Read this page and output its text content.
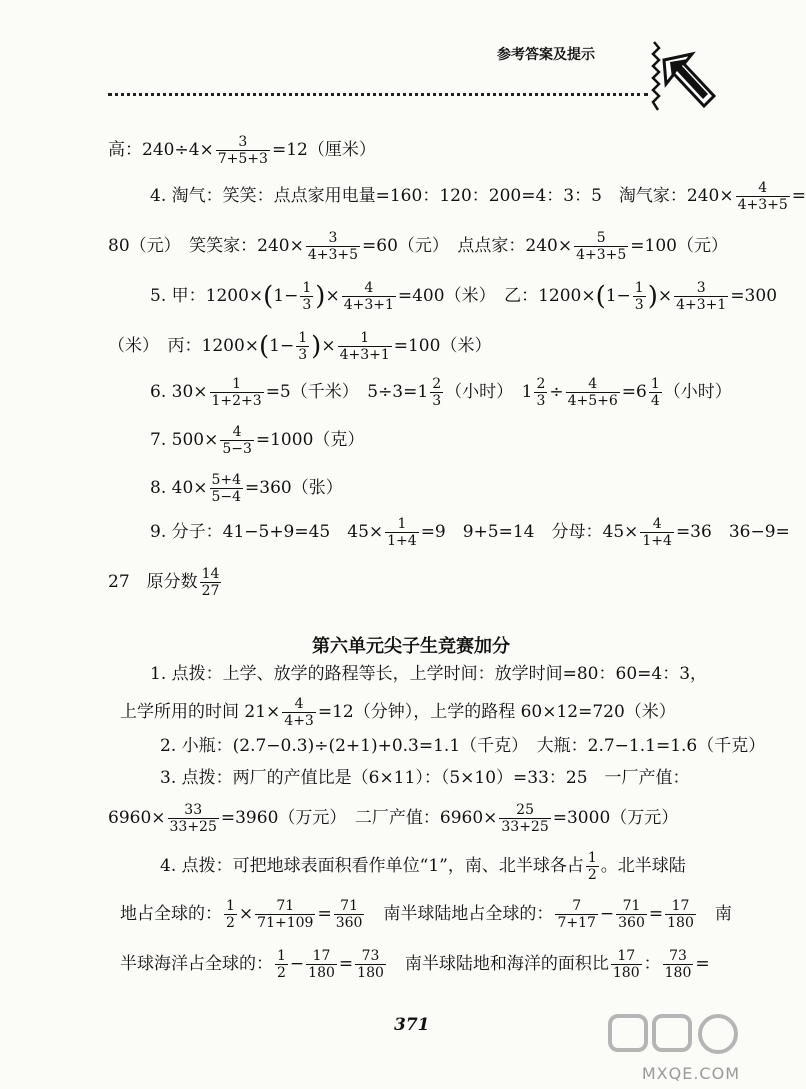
参考答案及提示
高：$240\div 4\times \frac{3}{7+5+3} =12$（厘米）
4. 淘气：笑笑：点点家用电量=160：120：200=4：3：5　淘气家：$240\times \frac{4}{4+3+5}$ =
80（元）　笑笑家：$240\times \frac{3}{4+3+5} =60$（元）　点点家：$240\times \frac{5}{4+3+5} =100$（元）
5. 甲：$1200\times(1- \frac{1}{3}$ )× $\frac{4}{4+3+1} =400$（米）　乙：$1200\times(1- \frac{1}{3}$ )× $\frac{3}{4+3+1} =300$
（米）　丙：$1200\times(1- \frac{1}{3}$ )× $\frac{1}{4+3+1} =100$（米）
6. $30\times \frac{1}{1+2+3} =5$（千米）　$5\div 3=1 \frac{2}{3}$ （小时）　$1 \frac{2}{3} \div \frac{4}{4+5+6} =6 \frac{1}{4}$ （小时）
7. $500\times \frac{4}{5-3} =1000$（克）
8. $40\times \frac{5+4}{5-4} =360$（张）
9. 分子：41−5+9=45　$45\times \frac{1}{1+4} =9$　9+5=14　分母：$45\times \frac{4}{1+4} =36$　36−9=
27　原分数 $\frac{14}{27}$
第六单元尖子生竞赛加分
1. 点拨：上学、放学的路程等长，上学时间：放学时间=80：60=4：3，
上学所用的时间 $21\times \frac{4}{4+3} =12$（分钟），上学的路程 60×12=720（米）
2. 小瓶：(2.7−0.3)÷(2+1)+0.3=1.1（千克）　大瓶：2.7−1.1=1.6（千克）
3. 点拨：两厂的产值比是（6×11）：（5×10）=33：25　一厂产值：
$6960\times \frac{33}{33+25} =3960$（万元）　二厂产值：$6960\times \frac{25}{33+25} =3000$（万元）
4. 点拨：可把地球表面积看作单位“1”，南、北半球各占 $\frac{1}{2}$ 。北半球陆
地占全球的： $\frac{1}{2} \times \frac{71}{71+109} = \frac{71}{360}$ 　南半球陆地占全球的： $\frac{7}{7+17} - \frac{71}{360} = \frac{17}{180}$ 　南
半球海洋占全球的： $\frac{1}{2} - \frac{17}{180} = \frac{73}{180}$ 　南半球陆地和海洋的面积比 $\frac{17}{180}$ ： $\frac{73}{180}$ =
371
MXQE.COM
